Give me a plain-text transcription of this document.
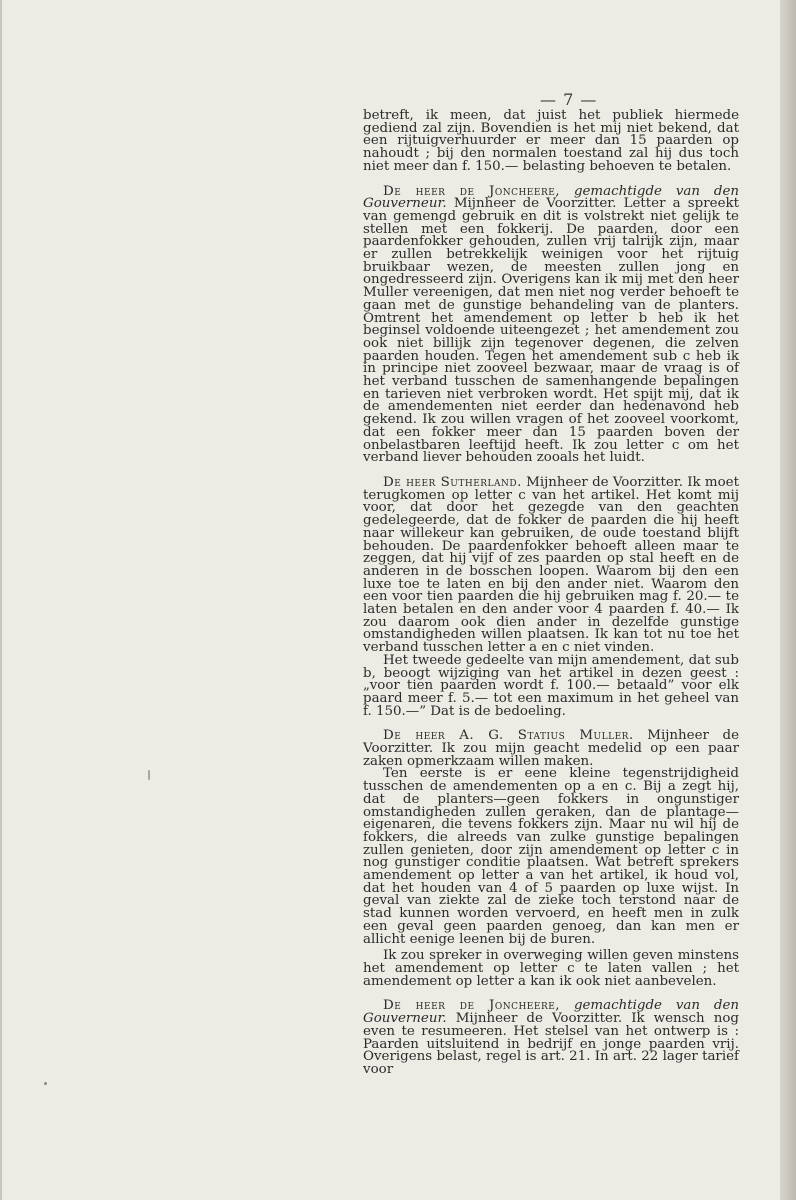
— 7 —

betreft, ik meen, dat juist het publiek hiermede gediend zal zijn. Bovendien is het mij niet bekend, dat een rijtuigverhuurder er meer dan 15 paarden op nahoudt ; bij den normalen toestand zal hij dus toch niet meer dan f. 150.— belasting behoeven te betalen.

De heer de Joncheere, gemachtigde van den Gouverneur. Mijnheer de Voorzitter. Letter a spreekt van gemengd gebruik en dit is volstrekt niet gelijk te stellen met een fokkerij. De paarden, door een paardenfokker gehouden, zullen vrij talrijk zijn, maar er zullen betrekkelijk weinigen voor het rijtuig bruikbaar wezen, de meesten zullen jong en ongedresseerd zijn. Overigens kan ik mij met den heer Muller vereenigen, dat men niet nog verder behoeft te gaan met de gunstige behandeling van de planters. Omtrent het amendement op letter b heb ik het beginsel voldoende uiteengezet ; het amendement zou ook niet billijk zijn tegenover degenen, die zelven paarden houden. Tegen het amendement sub c heb ik in principe niet zooveel bezwaar, maar de vraag is of het verband tusschen de samenhangende bepalingen en tarieven niet verbroken wordt. Het spijt mij, dat ik de amendementen niet eerder dan hedenavond heb gekend. Ik zou willen vragen of het zooveel voorkomt, dat een fokker meer dan 15 paarden boven der onbelastbaren leeftijd heeft. Ik zou letter c om het verband liever behouden zooals het luidt.

De heer Sutherland. Mijnheer de Voorzitter. Ik moet terugkomen op letter c van het artikel. Het komt mij voor, dat door het gezegde van den geachten gedelegeerde, dat de fokker de paarden die hij heeft naar willekeur kan gebruiken, de oude toestand blijft behouden. De paardenfokker behoeft alleen maar te zeggen, dat hij vijf of zes paarden op stal heeft en de anderen in de bosschen loopen. Waarom bij den een luxe toe te laten en bij den ander niet. Waarom den een voor tien paarden die hij gebruiken mag f. 20.— te laten betalen en den ander voor 4 paarden f. 40.— Ik zou daarom ook dien ander in dezelfde gunstige omstandigheden willen plaatsen. Ik kan tot nu toe het verband tusschen letter a en c niet vinden.

Het tweede gedeelte van mijn amendement, dat sub b, beoogt wijziging van het artikel in dezen geest : „voor tien paarden wordt f. 100.— betaald” voor elk paard meer f. 5.— tot een maximum in het geheel van f. 150.—” Dat is de bedoeling.

De heer A. G. Statius Muller. Mijnheer de Voorzitter. Ik zou mijn geacht medelid op een paar zaken opmerkzaam willen maken.

Ten eerste is er eene kleine tegenstrijdigheid tusschen de amendementen op a en c. Bij a zegt hij, dat de planters—geen fokkers in ongunstiger omstandigheden zullen geraken, dan de plantage—eigenaren, die tevens fokkers zijn. Maar nu wil hij de fokkers, die alreeds van zulke gunstige bepalingen zullen genieten, door zijn amendement op letter c in nog gunstiger conditie plaatsen. Wat betreft sprekers amendement op letter a van het artikel, ik houd vol, dat het houden van 4 of 5 paarden op luxe wijst. In geval van ziekte zal de zieke toch terstond naar de stad kunnen worden vervoerd, en heeft men in zulk een geval geen paarden genoeg, dan kan men er allicht eenige leenen bij de buren.

Ik zou spreker in overweging willen geven minstens het amendement op letter c te laten vallen ; het amendement op letter a kan ik ook niet aanbevelen.

De heer de Joncheere, gemachtigde van den Gouverneur. Mijnheer de Voorzitter. Ik wensch nog even te resumeeren. Het stelsel van het ontwerp is : Paarden uitsluitend in bedrijf en jonge paarden vrij. Overigens belast, regel is art. 21. In art. 22 lager tarief voor
